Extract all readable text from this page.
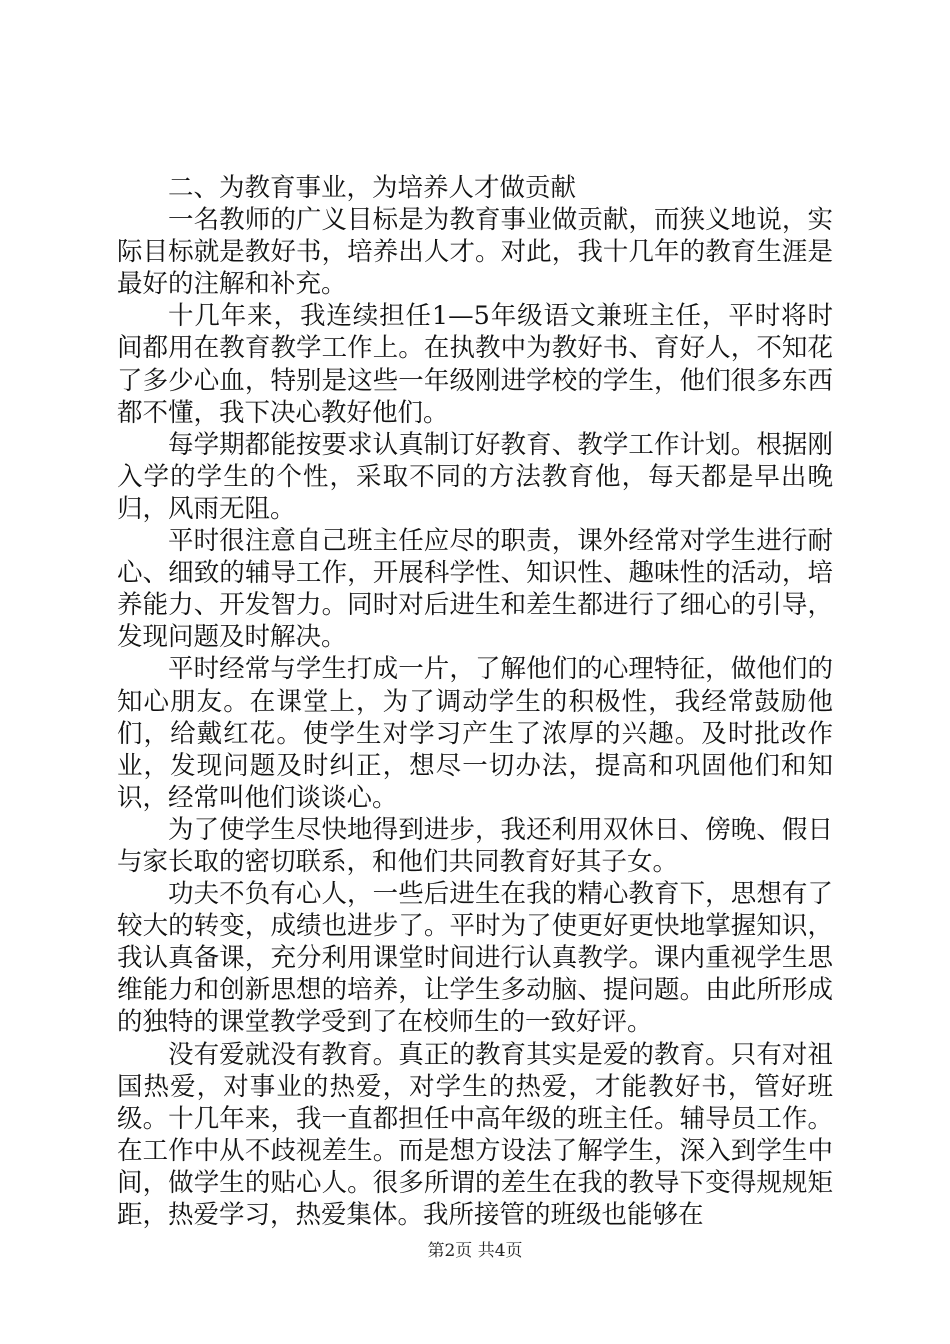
二、为教育事业，为培养人才做贡献

一名教师的广义目标是为教育事业做贡献，而狭义地说，实际目标就是教好书，培养出人才。对此，我十几年的教育生涯是最好的注解和补充。

十几年来，我连续担任1—5年级语文兼班主任，平时将时间都用在教育教学工作上。在执教中为教好书、育好人，不知花了多少心血，特别是这些一年级刚进学校的学生，他们很多东西都不懂，我下决心教好他们。

每学期都能按要求认真制订好教育、教学工作计划。根据刚入学的学生的个性，采取不同的方法教育他，每天都是早出晚归，风雨无阻。

平时很注意自己班主任应尽的职责，课外经常对学生进行耐心、细致的辅导工作，开展科学性、知识性、趣味性的活动，培养能力、开发智力。同时对后进生和差生都进行了细心的引导，发现问题及时解决。

平时经常与学生打成一片，了解他们的心理特征，做他们的知心朋友。在课堂上，为了调动学生的积极性，我经常鼓励他们，给戴红花。使学生对学习产生了浓厚的兴趣。及时批改作业，发现问题及时纠正，想尽一切办法，提高和巩固他们和知识，经常叫他们谈谈心。

为了使学生尽快地得到进步，我还利用双休日、傍晚、假日与家长取的密切联系，和他们共同教育好其子女。

功夫不负有心人，一些后进生在我的精心教育下，思想有了较大的转变，成绩也进步了。平时为了使更好更快地掌握知识，我认真备课，充分利用课堂时间进行认真教学。课内重视学生思维能力和创新思想的培养，让学生多动脑、提问题。由此所形成的独特的课堂教学受到了在校师生的一致好评。

没有爱就没有教育。真正的教育其实是爱的教育。只有对祖国热爱，对事业的热爱，对学生的热爱，才能教好书，管好班级。十几年来，我一直都担任中高年级的班主任。辅导员工作。在工作中从不歧视差生。而是想方设法了解学生，深入到学生中间，做学生的贴心人。很多所谓的差生在我的教导下变得规规矩距，热爱学习，热爱集体。我所接管的班级也能够在

第2页 共4页
